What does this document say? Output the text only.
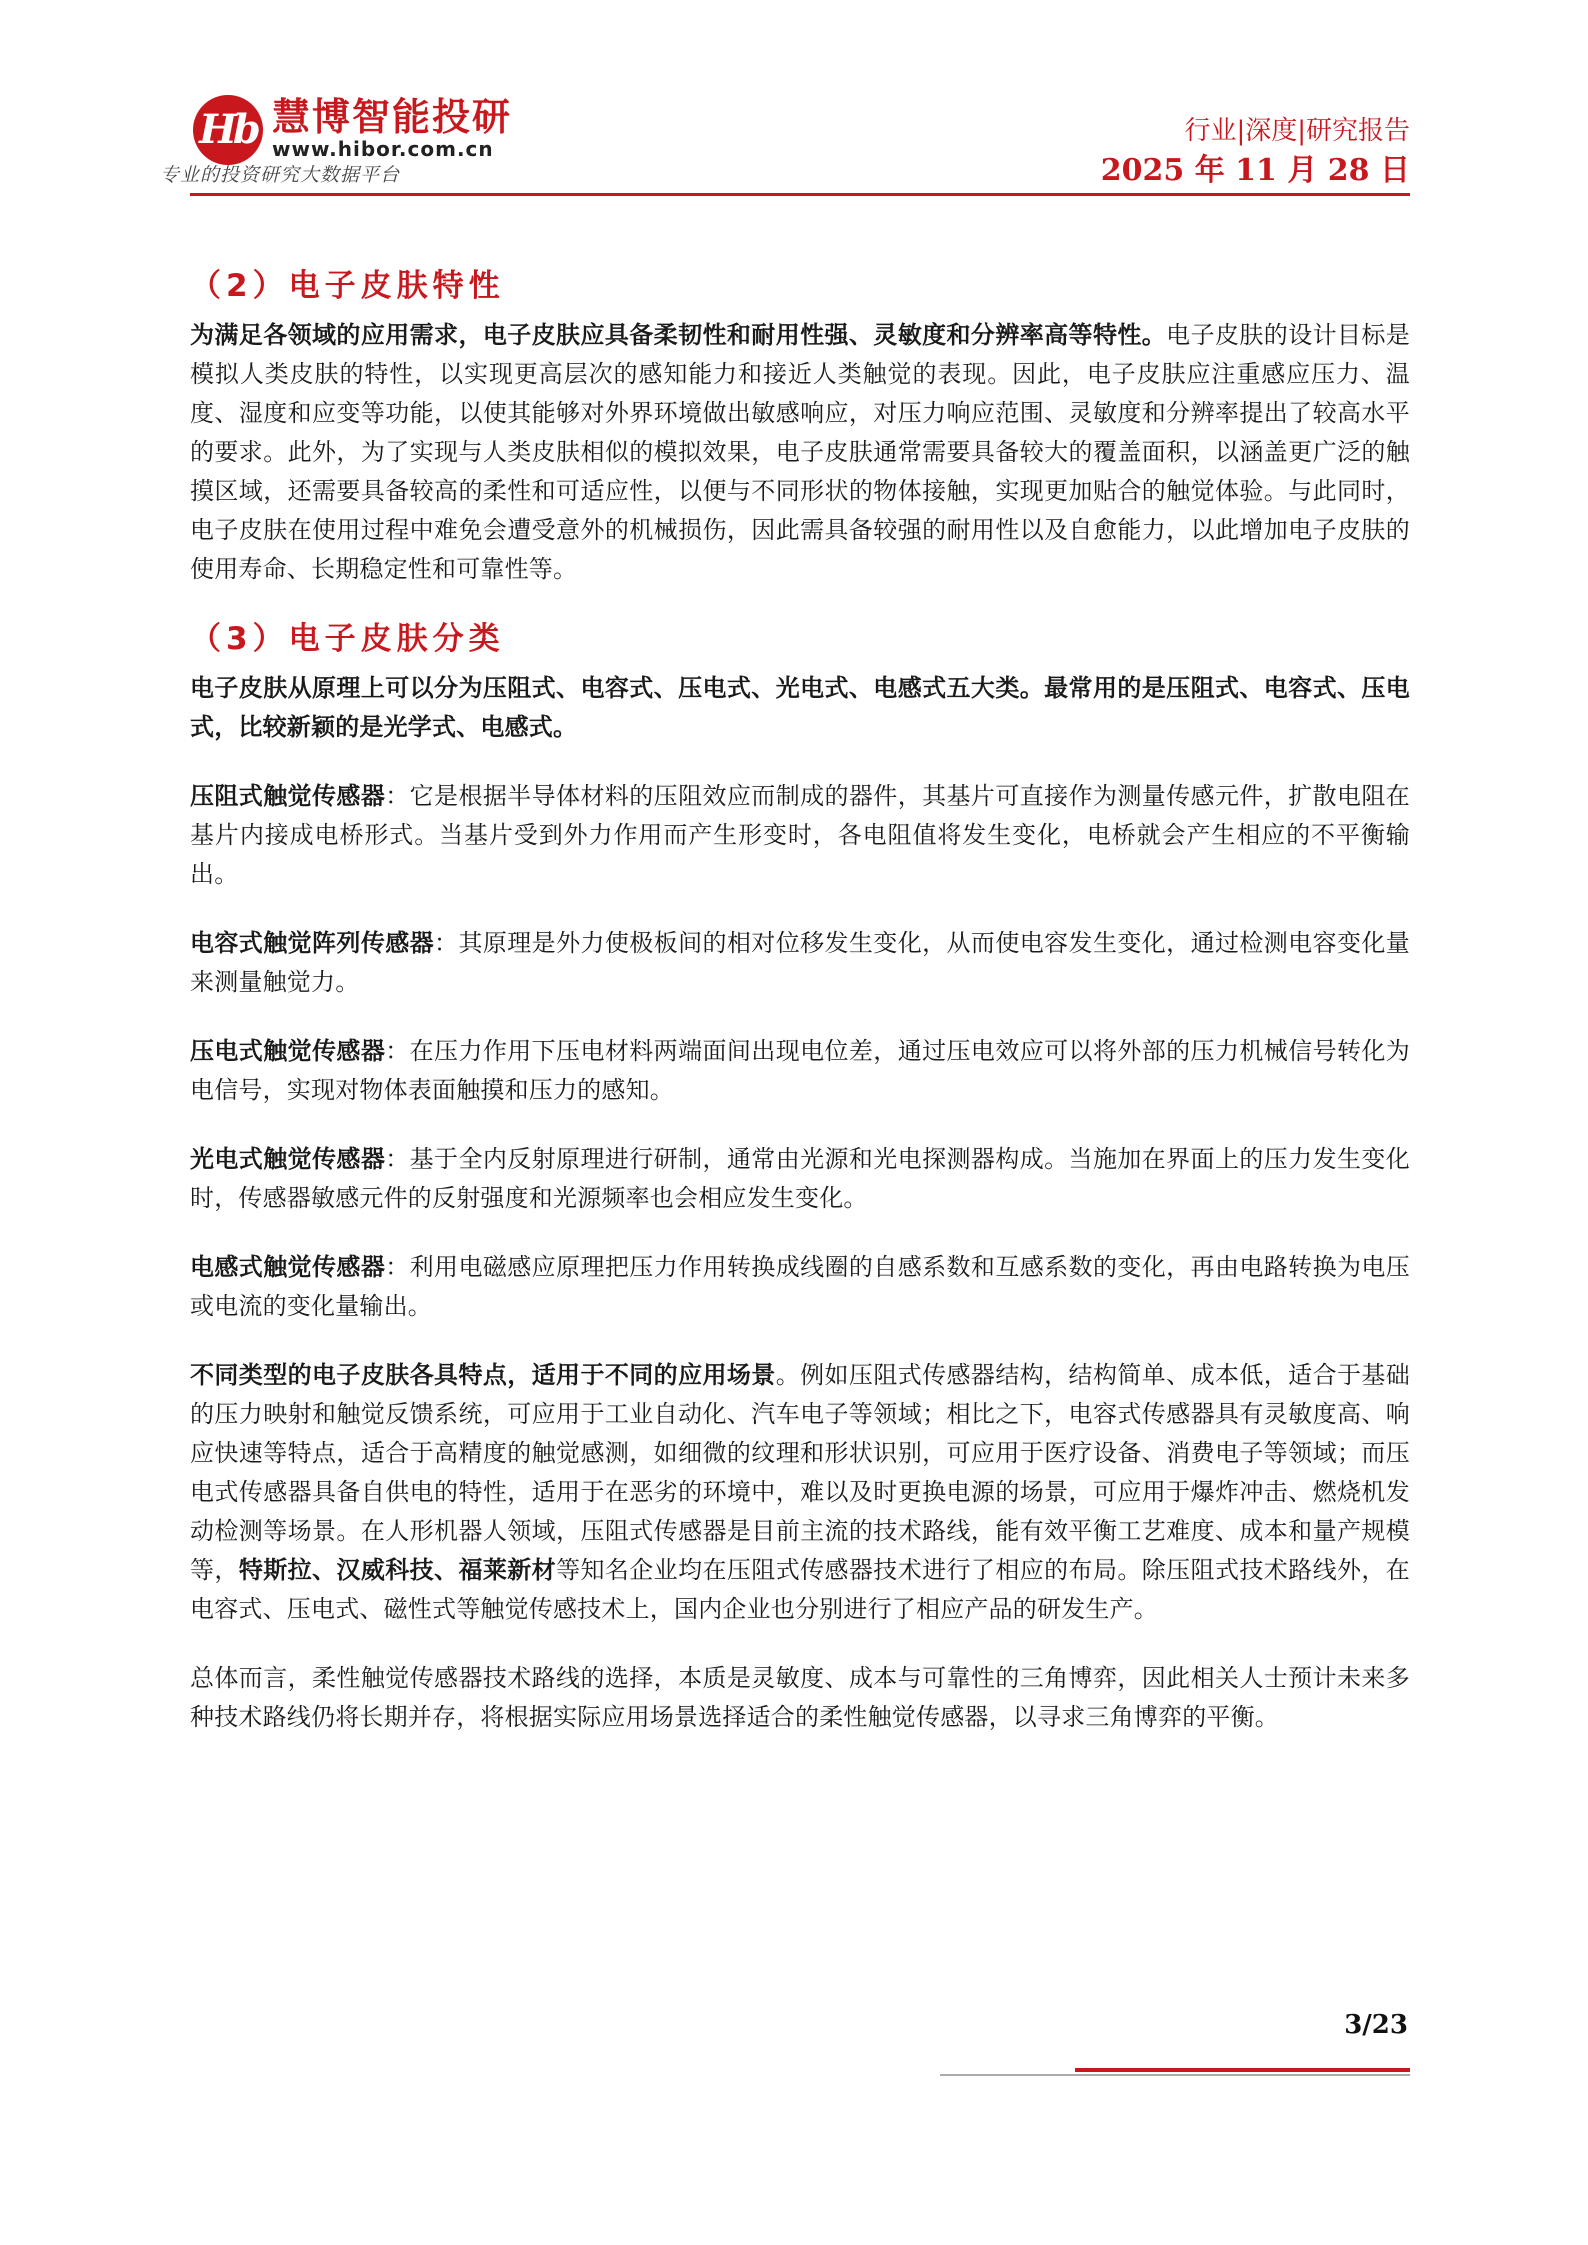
Hb 慧博智能投研
www.hibor.com.cn
专业的投资研究大数据平台
行业|深度|研究报告
2025 年 11 月 28 日
（2）电子皮肤特性

为满足各领域的应用需求，电子皮肤应具备柔韧性和耐用性强、灵敏度和分辨率高等特性。电子皮肤的设计目标是模拟人类皮肤的特性，以实现更高层次的感知能力和接近人类触觉的表现。因此，电子皮肤应注重感应压力、温度、湿度和应变等功能，以使其能够对外界环境做出敏感响应，对压力响应范围、灵敏度和分辨率提出了较高水平的要求。此外，为了实现与人类皮肤相似的模拟效果，电子皮肤通常需要具备较大的覆盖面积，以涵盖更广泛的触摸区域，还需要具备较高的柔性和可适应性，以便与不同形状的物体接触，实现更加贴合的触觉体验。与此同时，电子皮肤在使用过程中难免会遭受意外的机械损伤，因此需具备较强的耐用性以及自愈能力，以此增加电子皮肤的使用寿命、长期稳定性和可靠性等。

（3）电子皮肤分类

电子皮肤从原理上可以分为压阻式、电容式、压电式、光电式、电感式五大类。最常用的是压阻式、电容式、压电式，比较新颖的是光学式、电感式。

压阻式触觉传感器：它是根据半导体材料的压阻效应而制成的器件，其基片可直接作为测量传感元件，扩散电阻在基片内接成电桥形式。当基片受到外力作用而产生形变时，各电阻值将发生变化，电桥就会产生相应的不平衡输出。

电容式触觉阵列传感器：其原理是外力使极板间的相对位移发生变化，从而使电容发生变化，通过检测电容变化量来测量触觉力。

压电式触觉传感器：在压力作用下压电材料两端面间出现电位差，通过压电效应可以将外部的压力机械信号转化为电信号，实现对物体表面触摸和压力的感知。

光电式触觉传感器：基于全内反射原理进行研制，通常由光源和光电探测器构成。当施加在界面上的压力发生变化时，传感器敏感元件的反射强度和光源频率也会相应发生变化。

电感式触觉传感器：利用电磁感应原理把压力作用转换成线圈的自感系数和互感系数的变化，再由电路转换为电压或电流的变化量输出。

不同类型的电子皮肤各具特点，适用于不同的应用场景。例如压阻式传感器结构，结构简单、成本低，适合于基础的压力映射和触觉反馈系统，可应用于工业自动化、汽车电子等领域；相比之下，电容式传感器具有灵敏度高、响应快速等特点，适合于高精度的触觉感测，如细微的纹理和形状识别，可应用于医疗设备、消费电子等领域；而压电式传感器具备自供电的特性，适用于在恶劣的环境中，难以及时更换电源的场景，可应用于爆炸冲击、燃烧机发动检测等场景。在人形机器人领域，压阻式传感器是目前主流的技术路线，能有效平衡工艺难度、成本和量产规模等，特斯拉、汉威科技、福莱新材等知名企业均在压阻式传感器技术进行了相应的布局。除压阻式技术路线外，在电容式、压电式、磁性式等触觉传感技术上，国内企业也分别进行了相应产品的研发生产。

总体而言，柔性触觉传感器技术路线的选择，本质是灵敏度、成本与可靠性的三角博弈，因此相关人士预计未来多种技术路线仍将长期并存，将根据实际应用场景选择适合的柔性触觉传感器，以寻求三角博弈的平衡。

3/23
